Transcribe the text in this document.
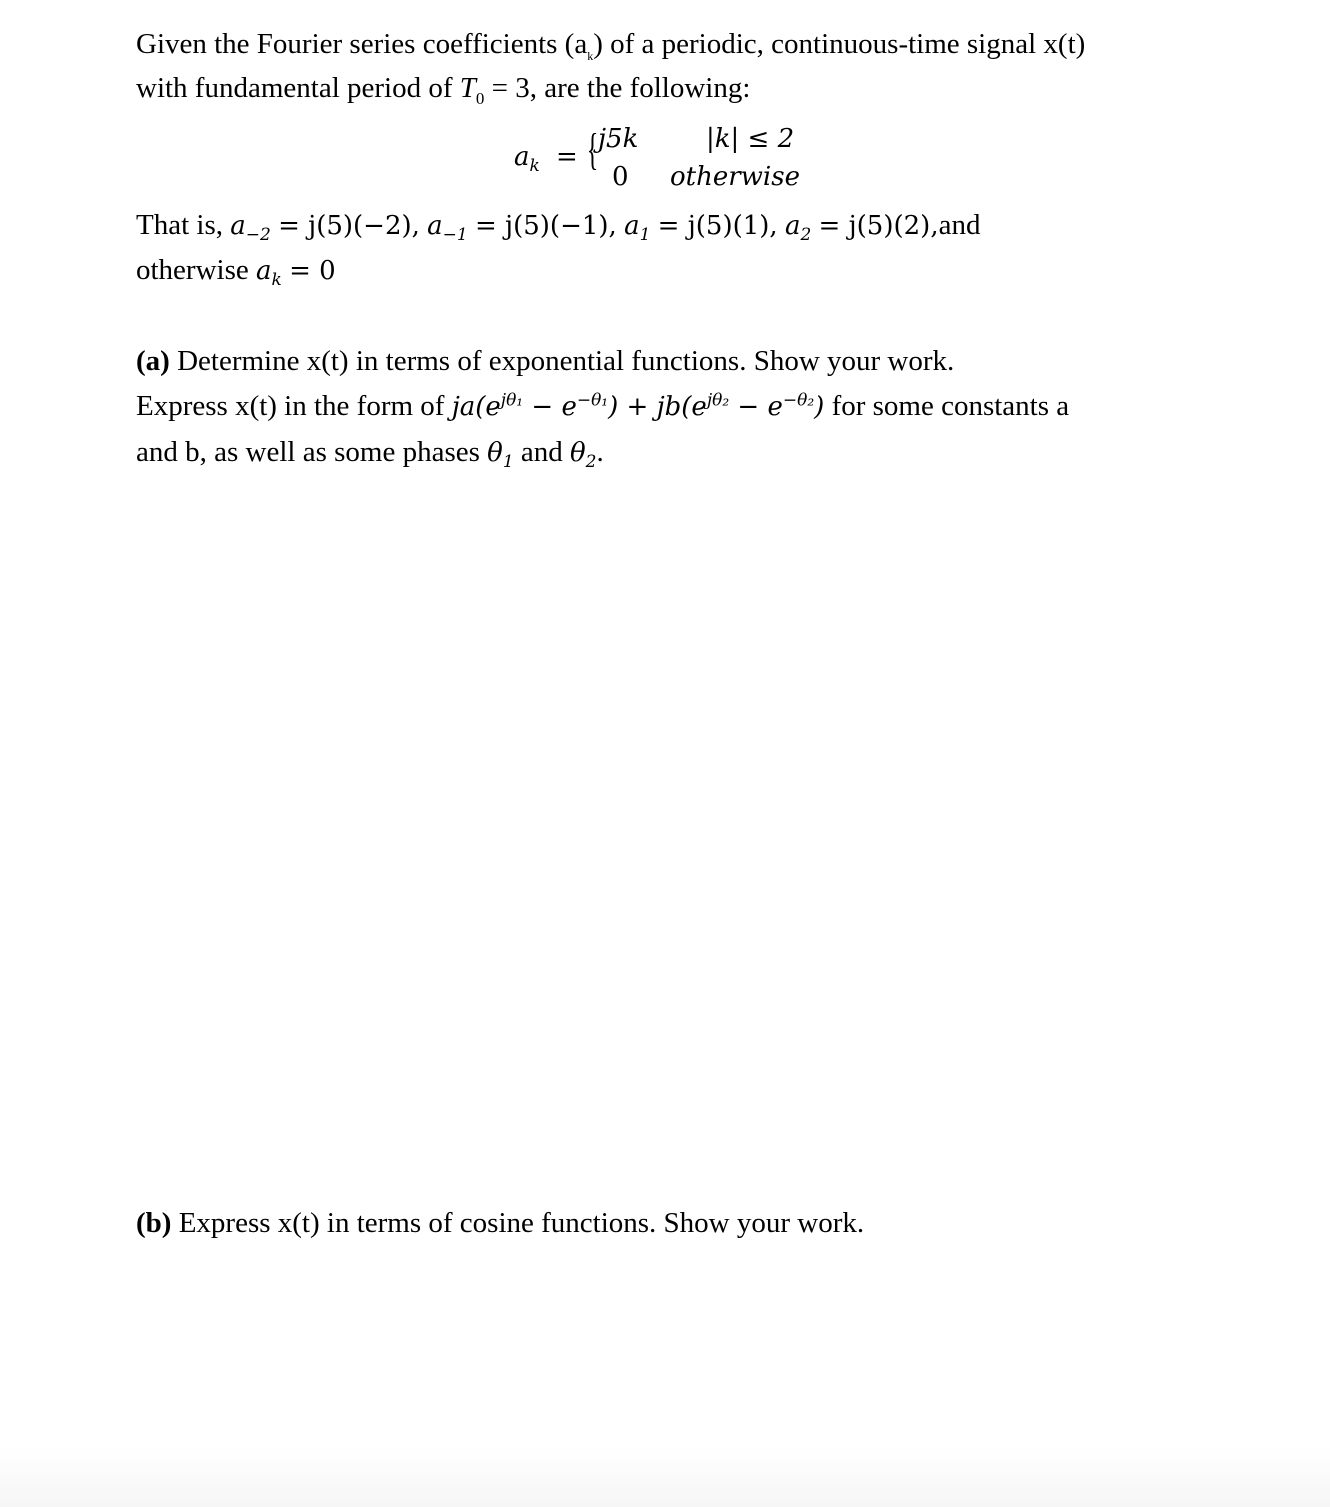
Given the Fourier series coefficients $(a_k)$ of a periodic, continuous-time signal x(t)
with fundamental period of $T_0 = 3$, are the following:
$a_k$ = { j5k
0
|k| ≤ 2
otherwise
That is, $a_{-2} = j(5)(-2)$, $a_{-1} = j(5)(-1)$, $a_1 = j(5)(1)$, $a_2 = j(5)(2),and$
otherwise $a_k = 0$
(a) Determine x(t) in terms of exponential functions. Show your work.
Express x(t) in the form of $ja(e^{j\theta_1} - e^{-\theta_1}) + jb(e^{j\theta_2} - e^{-\theta_2})$ for some constants a
and b, as well as some phases $\theta_1$ and $\theta_2$.
(b) Express x(t) in terms of cosine functions. Show your work.
